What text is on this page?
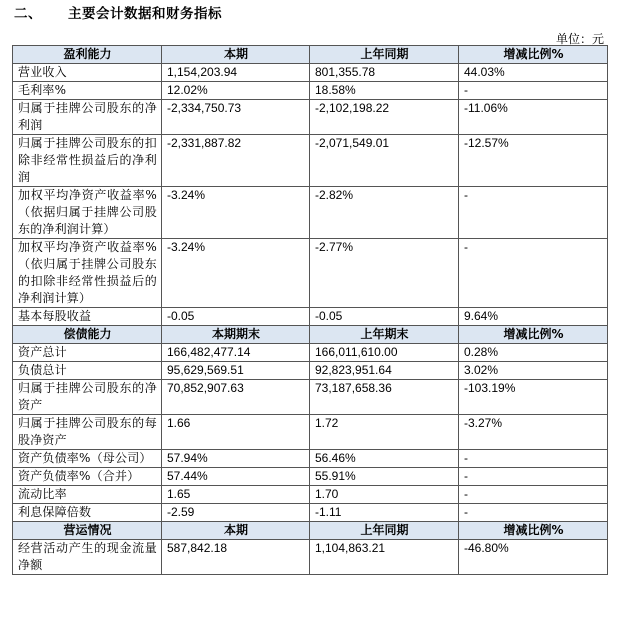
二、 主要会计数据和财务指标
单位：元
盈利能力	本期	上年同期	增减比例%
营业收入	1,154,203.94	801,355.78	44.03%
毛利率%	12.02%	18.58%	-
归属于挂牌公司股东的净利润	-2,334,750.73	-2,102,198.22	-11.06%
归属于挂牌公司股东的扣除非经常性损益后的净利润	-2,331,887.82	-2,071,549.01	-12.57%
加权平均净资产收益率%（依据归属于挂牌公司股东的净利润计算）	-3.24%	-2.82%	-
加权平均净资产收益率%（依归属于挂牌公司股东的扣除非经常性损益后的净利润计算）	-3.24%	-2.77%	-
基本每股收益	-0.05	-0.05	9.64%
偿债能力	本期期末	上年期末	增减比例%
资产总计	166,482,477.14	166,011,610.00	0.28%
负债总计	95,629,569.51	92,823,951.64	3.02%
归属于挂牌公司股东的净资产	70,852,907.63	73,187,658.36	-103.19%
归属于挂牌公司股东的每股净资产	1.66	1.72	-3.27%
资产负债率%（母公司）	57.94%	56.46%	-
资产负债率%（合并）	57.44%	55.91%	-
流动比率	1.65	1.70	-
利息保障倍数	-2.59	-1.11	-
营运情况	本期	上年同期	增减比例%
经营活动产生的现金流量净额	587,842.18	1,104,863.21	-46.80%
